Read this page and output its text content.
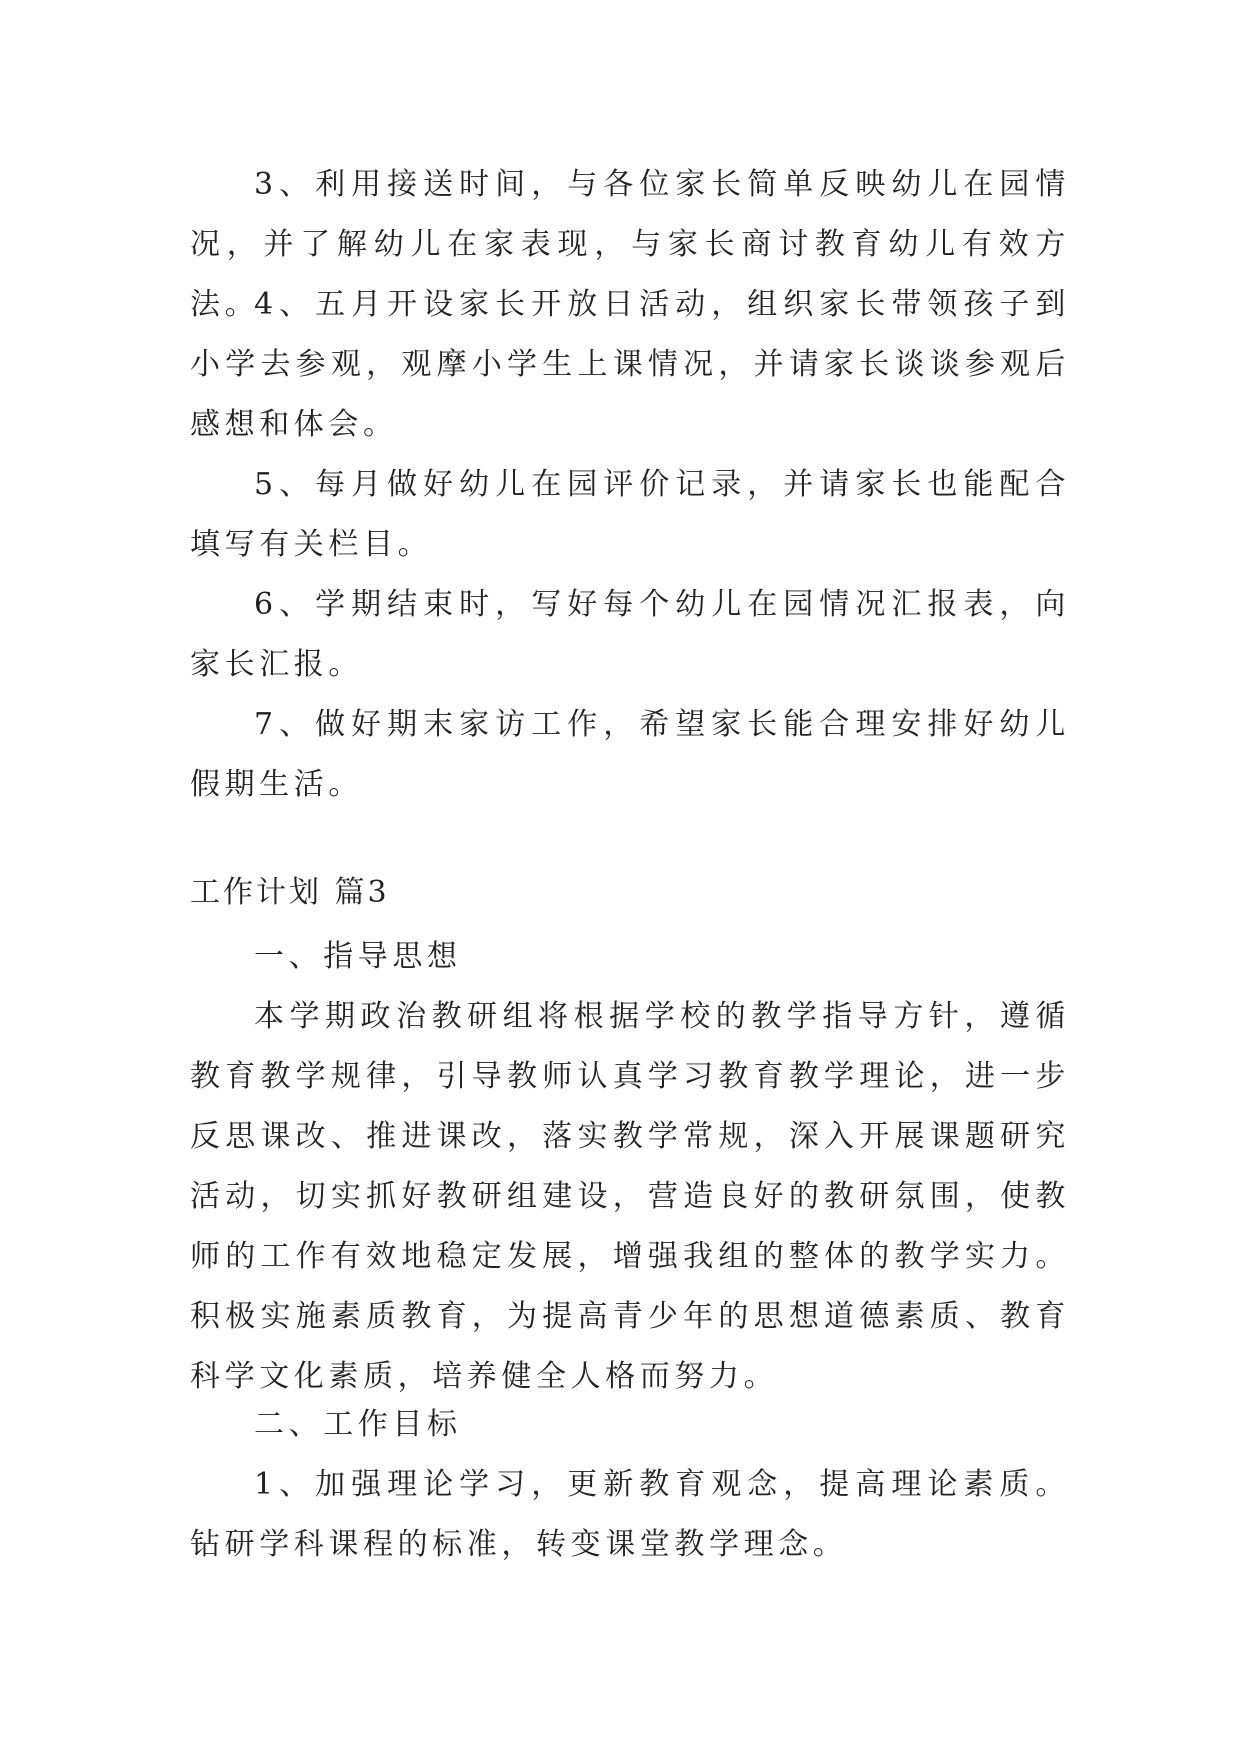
3、利用接送时间，与各位家长简单反映幼儿在园情况，并了解幼儿在家表现，与家长商讨教育幼儿有效方法。

4、五月开设家长开放日活动，组织家长带领孩子到小学去参观，观摩小学生上课情况，并请家长谈谈参观后感想和体会。

5、每月做好幼儿在园评价记录，并请家长也能配合填写有关栏目。

6、学期结束时，写好每个幼儿在园情况汇报表，向家长汇报。

7、做好期末家访工作，希望家长能合理安排好幼儿假期生活。

工作计划 篇3

一、指导思想

本学期政治教研组将根据学校的教学指导方针，遵循教育教学规律，引导教师认真学习教育教学理论，进一步反思课改、推进课改，落实教学常规，深入开展课题研究活动，切实抓好教研组建设，营造良好的教研氛围，使教师的工作有效地稳定发展，增强我组的整体的教学实力。积极实施素质教育，为提高青少年的思想道德素质、教育科学文化素质，培养健全人格而努力。

二、工作目标

1、加强理论学习，更新教育观念，提高理论素质。钻研学科课程的标准，转变课堂教学理念。
